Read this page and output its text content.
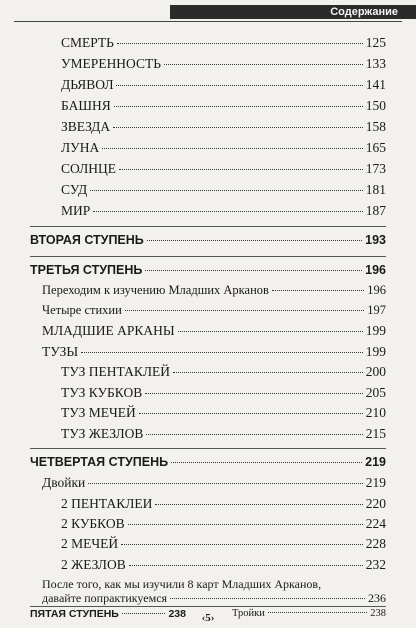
Содержание
СМЕРТЬ	125
УМЕРЕННОСТЬ	133
ДЬЯВОЛ	141
БАШНЯ	150
ЗВЕЗДА	158
ЛУНА	165
СОЛНЦЕ	173
СУД	181
МИР	187
ВТОРАЯ СТУПЕНЬ	193
ТРЕТЬЯ СТУПЕНЬ	196
Переходим к изучению Младших Арканов	196
Четыре стихии	197
МЛАДШИЕ АРКАНЫ	199
ТУЗЫ	199
ТУЗ ПЕНТАКЛЕЙ	200
ТУЗ КУБКОВ	205
ТУЗ МЕЧЕЙ	210
ТУЗ ЖЕЗЛОВ	215
ЧЕТВЕРТАЯ СТУПЕНЬ	219
Двойки	219
2 ПЕНТАКЛЕИ	220
2 КУБКОВ	224
2 МЕЧЕЙ	228
2 ЖЕЗЛОВ	232
После того, как мы изучили 8 карт Младших Арканов,
давайте попрактикуемся	236
ПЯТАЯ СТУПЕНЬ	238	Тройки	238
‹5›
